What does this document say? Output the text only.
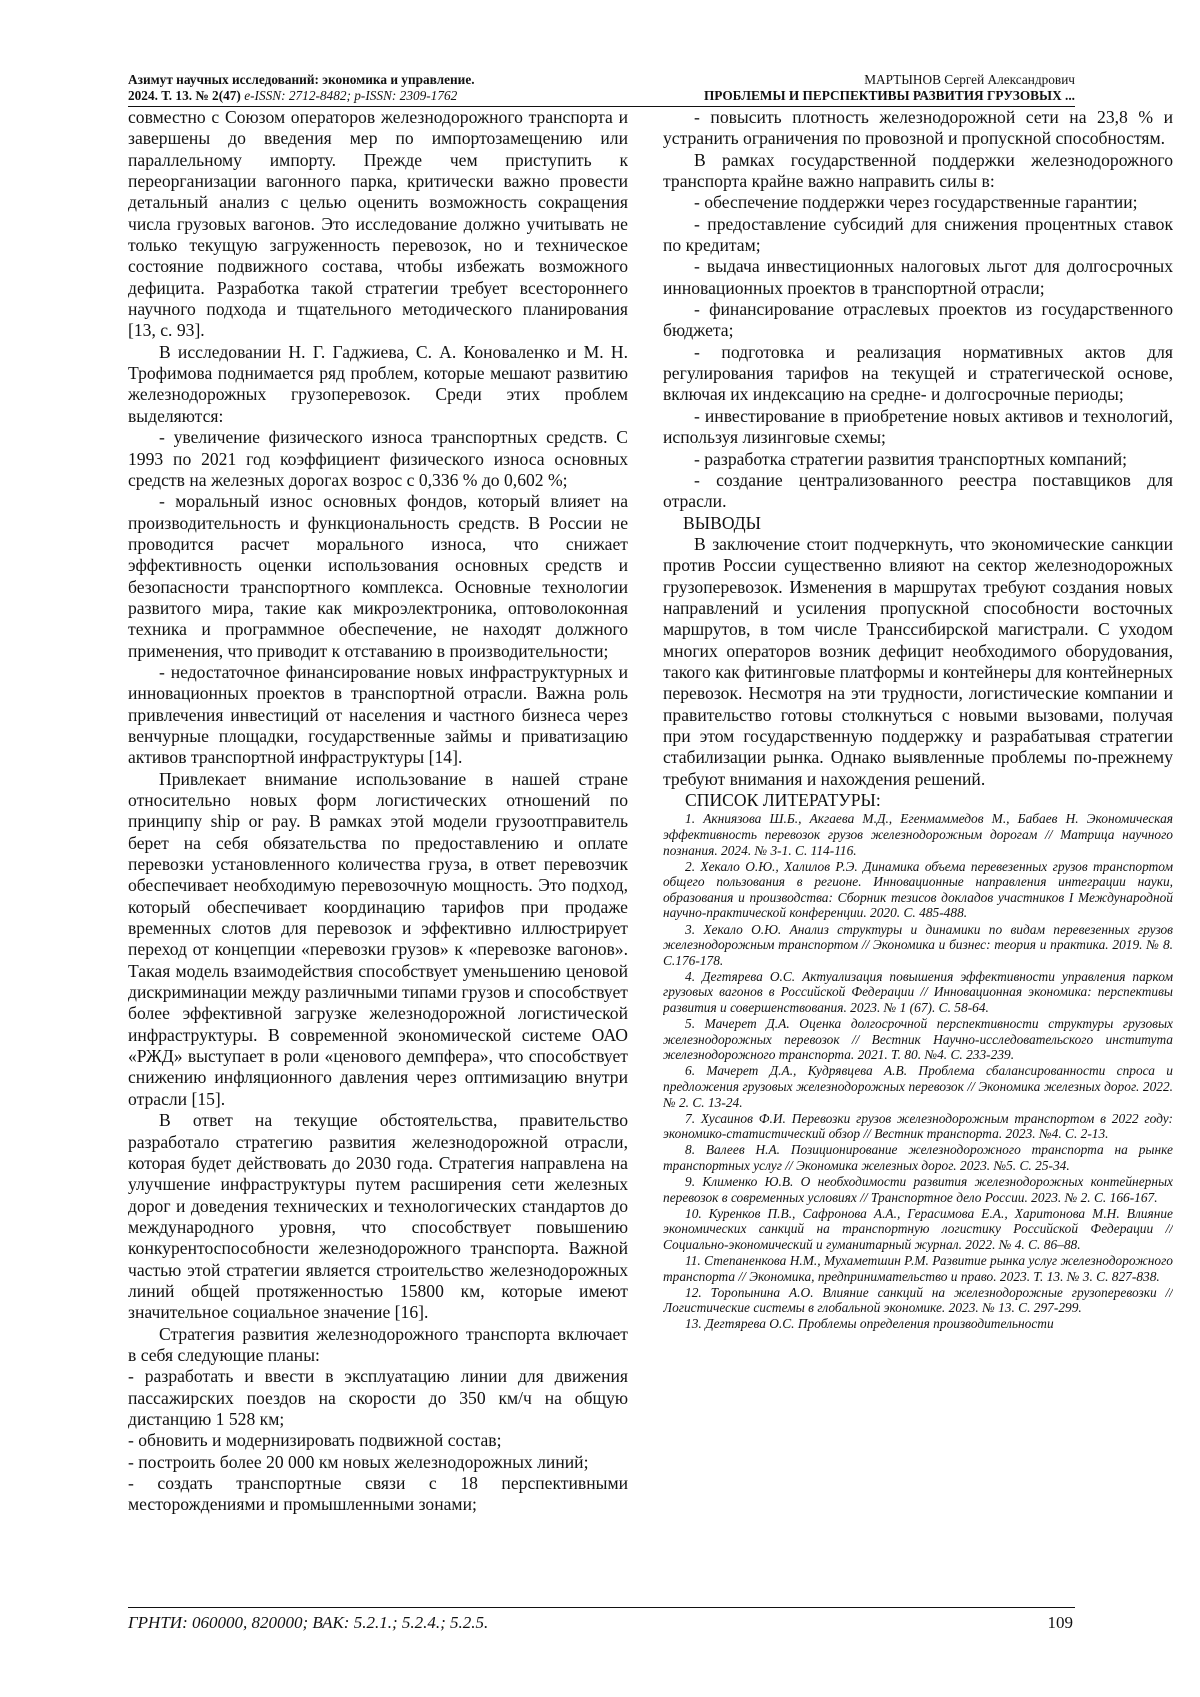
Азимут научных исследований: экономика и управление.
2024. Т. 13. № 2(47) e-ISSN: 2712-8482; p-ISSN: 2309-1762
МАРТЫНОВ Сергей Александрович
ПРОБЛЕМЫ И ПЕРСПЕКТИВЫ РАЗВИТИЯ ГРУЗОВЫХ ...

совместно с Союзом операторов железнодорожного транспорта и завершены до введения мер по импортозамещению или параллельному импорту. Прежде чем приступить к переорганизации вагонного парка, критически важно провести детальный анализ с целью оценить возможность сокращения числа грузовых вагонов. Это исследование должно учитывать не только текущую загруженность перевозок, но и техническое состояние подвижного состава, чтобы избежать возможного дефицита. Разработка такой стратегии требует всестороннего научного подхода и тщательного методического планирования [13, с. 93].

В исследовании Н. Г. Гаджиева, С. А. Коноваленко и М. Н. Трофимова поднимается ряд проблем, которые мешают развитию железнодорожных грузоперевозок. Среди этих проблем выделяются:

- увеличение физического износа транспортных средств. С 1993 по 2021 год коэффициент физического износа основных средств на железных дорогах возрос с 0,336 % до 0,602 %;

- моральный износ основных фондов, который влияет на производительность и функциональность средств. В России не проводится расчет морального износа, что снижает эффективность оценки использования основных средств и безопасности транспортного комплекса. Основные технологии развитого мира, такие как микроэлектроника, оптоволоконная техника и программное обеспечение, не находят должного применения, что приводит к отставанию в производительности;

- недостаточное финансирование новых инфраструктурных и инновационных проектов в транспортной отрасли. Важна роль привлечения инвестиций от населения и частного бизнеса через венчурные площадки, государственные займы и приватизацию активов транспортной инфраструктуры [14].

Привлекает внимание использование в нашей стране относительно новых форм логистических отношений по принципу ship or pay. В рамках этой модели грузоотправитель берет на себя обязательства по предоставлению и оплате перевозки установленного количества груза, в ответ перевозчик обеспечивает необходимую перевозочную мощность. Это подход, который обеспечивает координацию тарифов при продаже временных слотов для перевозок и эффективно иллюстрирует переход от концепции «перевозки грузов» к «перевозке вагонов». Такая модель взаимодействия способствует уменьшению ценовой дискриминации между различными типами грузов и способствует более эффективной загрузке железнодорожной логистической инфраструктуры. В современной экономической системе ОАО «РЖД» выступает в роли «ценового демпфера», что способствует снижению инфляционного давления через оптимизацию внутри отрасли [15].

В ответ на текущие обстоятельства, правительство разработало стратегию развития железнодорожной отрасли, которая будет действовать до 2030 года. Стратегия направлена на улучшение инфраструктуры путем расширения сети железных дорог и доведения технических и технологических стандартов до международного уровня, что способствует повышению конкурентоспособности железнодорожного транспорта. Важной частью этой стратегии является строительство железнодорожных линий общей протяженностью 15800 км, которые имеют значительное социальное значение [16].

Стратегия развития железнодорожного транспорта включает в себя следующие планы:

- разработать и ввести в эксплуатацию линии для движения пассажирских поездов на скорости до 350 км/ч на общую дистанцию 1 528 км;

- обновить и модернизировать подвижной состав;

- построить более 20 000 км новых железнодорожных линий;

- создать транспортные связи с 18 перспективными месторождениями и промышленными зонами;

- повысить плотность железнодорожной сети на 23,8 % и устранить ограничения по провозной и пропускной способностям.

В рамках государственной поддержки железнодорожного транспорта крайне важно направить силы в:

- обеспечение поддержки через государственные гарантии;

- предоставление субсидий для снижения процентных ставок по кредитам;

- выдача инвестиционных налоговых льгот для долгосрочных инновационных проектов в транспортной отрасли;

- финансирование отраслевых проектов из государственного бюджета;

- подготовка и реализация нормативных актов для регулирования тарифов на текущей и стратегической основе, включая их индексацию на средне- и долгосрочные периоды;

- инвестирование в приобретение новых активов и технологий, используя лизинговые схемы;

- разработка стратегии развития транспортных компаний;

- создание централизованного реестра поставщиков для отрасли.

ВЫВОДЫ

В заключение стоит подчеркнуть, что экономические санкции против России существенно влияют на сектор железнодорожных грузоперевозок. Изменения в маршрутах требуют создания новых направлений и усиления пропускной способности восточных маршрутов, в том числе Транссибирской магистрали. С уходом многих операторов возник дефицит необходимого оборудования, такого как фитинговые платформы и контейнеры для контейнерных перевозок. Несмотря на эти трудности, логистические компании и правительство готовы столкнуться с новыми вызовами, получая при этом государственную поддержку и разрабатывая стратегии стабилизации рынка. Однако выявленные проблемы по-прежнему требуют внимания и нахождения решений.

СПИСОК ЛИТЕРАТУРЫ:

1. Акниязова Ш.Б., Акгаева М.Д., Егенмаммедов М., Бабаев Н. Экономическая эффективность перевозок грузов железнодорожным дорогам // Матрица научного познания. 2024. № 3-1. С. 114-116.

2. Хекало О.Ю., Халилов Р.Э. Динамика объема перевезенных грузов транспортом общего пользования в регионе. Инновационные направления интеграции науки, образования и производства: Сборник тезисов докладов участников I Международной научно-практической конференции. 2020. С. 485-488.

3. Хекало О.Ю. Анализ структуры и динамики по видам перевезенных грузов железнодорожным транспортом // Экономика и бизнес: теория и практика. 2019. № 8. С.176-178.

4. Дегтярева О.С. Актуализация повышения эффективности управления парком грузовых вагонов в Российской Федерации // Инновационная экономика: перспективы развития и совершенствования. 2023. № 1 (67). С. 58-64.

5. Мачерет Д.А. Оценка долгосрочной перспективности структуры грузовых железнодорожных перевозок // Вестник Научно-исследовательского института железнодорожного транспорта. 2021. Т. 80. №4. С. 233-239.

6. Мачерет Д.А., Кудрявцева А.В. Проблема сбалансированности спроса и предложения грузовых железнодорожных перевозок // Экономика железных дорог. 2022. № 2. С. 13-24.

7. Хусаинов Ф.И. Перевозки грузов железнодорожным транспортом в 2022 году: экономико-статистический обзор // Вестник транспорта. 2023. №4. С. 2-13.

8. Валеев Н.А. Позиционирование железнодорожного транспорта на рынке транспортных услуг // Экономика железных дорог. 2023. №5. С. 25-34.

9. Клименко Ю.В. О необходимости развития железнодорожных контейнерных перевозок в современных условиях // Транспортное дело России. 2023. № 2. С. 166-167.

10. Куренков П.В., Сафронова А.А., Герасимова Е.А., Харитонова М.Н. Влияние экономических санкций на транспортную логистику Российской Федерации // Социально-экономический и гуманитарный журнал. 2022. № 4. С. 86–88.

11. Степаненкова Н.М., Мухаметшин Р.М. Развитие рынка услуг железнодорожного транспорта // Экономика, предпринимательство и право. 2023. Т. 13. № 3. С. 827-838.

12. Торопынина А.О. Влияние санкций на железнодорожные грузоперевозки // Логистические системы в глобальной экономике. 2023. № 13. С. 297-299.

13. Дегтярева О.С. Проблемы определения производительности

ГРНТИ: 060000, 820000; ВАК: 5.2.1.; 5.2.4.; 5.2.5.	109
